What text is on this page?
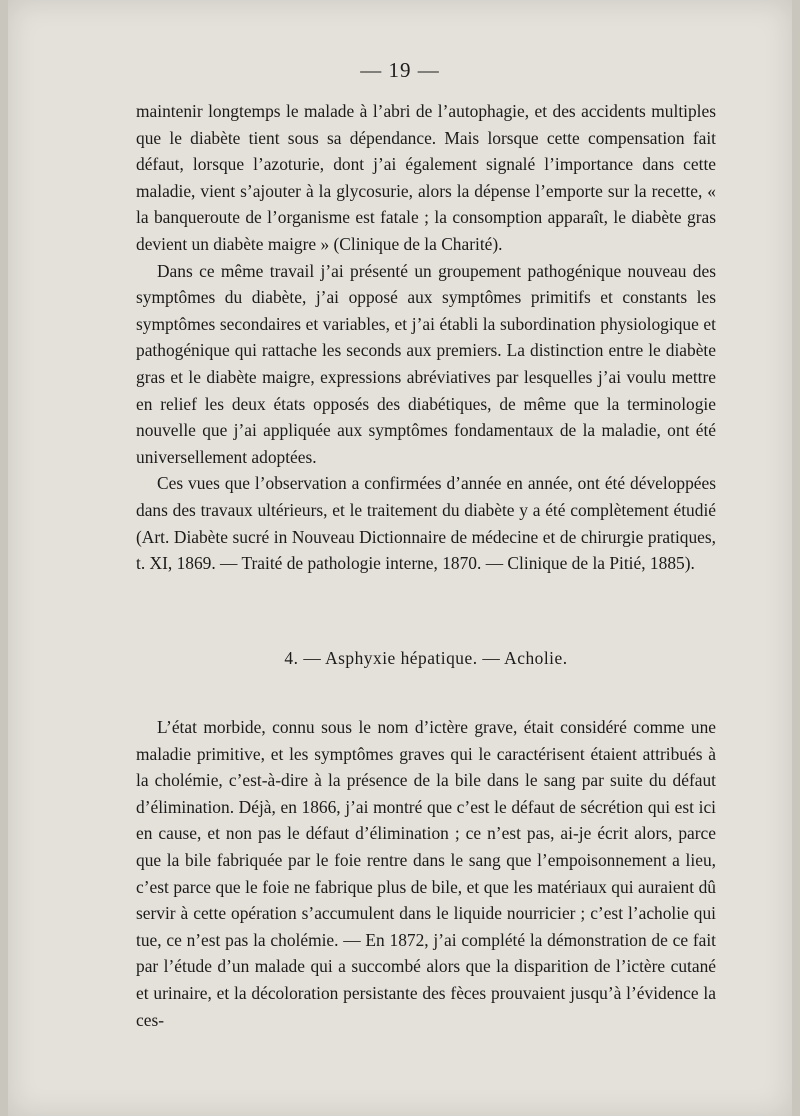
— 19 —

maintenir longtemps le malade à l’abri de l’autophagie, et des accidents multiples que le diabète tient sous sa dépendance. Mais lorsque cette compensation fait défaut, lorsque l’azoturie, dont j’ai également signalé l’importance dans cette maladie, vient s’ajouter à la glycosurie, alors la dépense l’emporte sur la recette, « la banqueroute de l’organisme est fatale ; la consomption apparaît, le diabète gras devient un diabète maigre » (Clinique de la Charité).

Dans ce même travail j’ai présenté un groupement pathogénique nouveau des symptômes du diabète, j’ai opposé aux symptômes primitifs et constants les symptômes secondaires et variables, et j’ai établi la subordination physiologique et pathogénique qui rattache les seconds aux premiers. La distinction entre le diabète gras et le diabète maigre, expressions abréviatives par lesquelles j’ai voulu mettre en relief les deux états opposés des diabétiques, de même que la terminologie nouvelle que j’ai appliquée aux symptômes fondamentaux de la maladie, ont été universellement adoptées.

Ces vues que l’observation a confirmées d’année en année, ont été développées dans des travaux ultérieurs, et le traitement du diabète y a été complètement étudié (Art. Diabète sucré in Nouveau Dictionnaire de médecine et de chirurgie pratiques, t. XI, 1869. — Traité de pathologie interne, 1870. — Clinique de la Pitié, 1885).

4. — Asphyxie hépatique. — Acholie.

L’état morbide, connu sous le nom d’ictère grave, était considéré comme une maladie primitive, et les symptômes graves qui le caractérisent étaient attribués à la cholémie, c’est-à-dire à la présence de la bile dans le sang par suite du défaut d’élimination. Déjà, en 1866, j’ai montré que c’est le défaut de sécrétion qui est ici en cause, et non pas le défaut d’élimination ; ce n’est pas, ai-je écrit alors, parce que la bile fabriquée par le foie rentre dans le sang que l’empoisonnement a lieu, c’est parce que le foie ne fabrique plus de bile, et que les matériaux qui auraient dû servir à cette opération s’accumulent dans le liquide nourricier ; c’est l’acholie qui tue, ce n’est pas la cholémie. — En 1872, j’ai complété la démonstration de ce fait par l’étude d’un malade qui a succombé alors que la disparition de l’ictère cutané et urinaire, et la décoloration persistante des fèces prouvaient jusqu’à l’évidence la ces-
